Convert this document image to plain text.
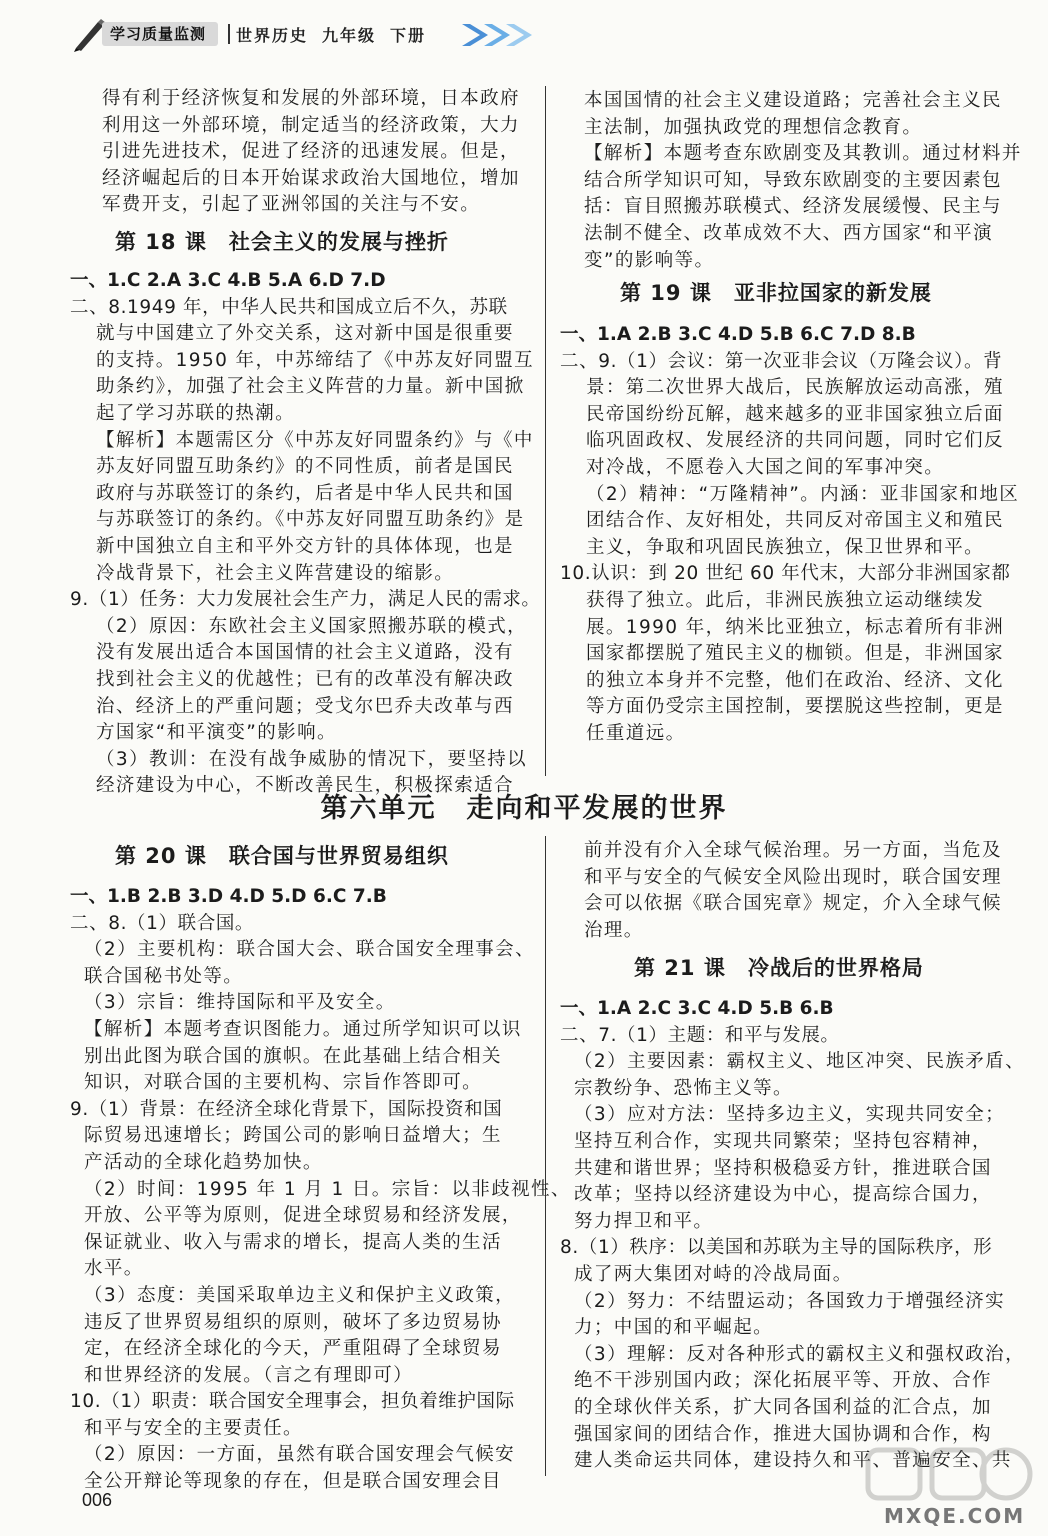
学习质量监测	世界历史 九年级 下册

得有利于经济恢复和发展的外部环境，日本政府

利用这一外部环境，制定适当的经济政策，大力

引进先进技术，促进了经济的迅速发展。但是，

经济崛起后的日本开始谋求政治大国地位，增加

军费开支，引起了亚洲邻国的关注与不安。

第 18 课 社会主义的发展与挫折

一、1.C 2.A 3.C 4.B 5.A 6.D 7.D

二、8.1949 年，中华人民共和国成立后不久，苏联

就与中国建立了外交关系，这对新中国是很重要

的支持。1950 年，中苏缔结了《中苏友好同盟互

助条约》，加强了社会主义阵营的力量。新中国掀

起了学习苏联的热潮。

【解析】本题需区分《中苏友好同盟条约》与《中

苏友好同盟互助条约》的不同性质，前者是国民

政府与苏联签订的条约，后者是中华人民共和国

与苏联签订的条约。《中苏友好同盟互助条约》是

新中国独立自主和平外交方针的具体体现，也是

冷战背景下，社会主义阵营建设的缩影。

9.（1）任务：大力发展社会生产力，满足人民的需求。

（2）原因：东欧社会主义国家照搬苏联的模式，

没有发展出适合本国国情的社会主义道路，没有

找到社会主义的优越性；已有的改革没有解决政

治、经济上的严重问题；受戈尔巴乔夫改革与西

方国家“和平演变”的影响。

（3）教训：在没有战争威胁的情况下，要坚持以

经济建设为中心，不断改善民生，积极探索适合

本国国情的社会主义建设道路；完善社会主义民

主法制，加强执政党的理想信念教育。

【解析】本题考查东欧剧变及其教训。通过材料并

结合所学知识可知，导致东欧剧变的主要因素包

括：盲目照搬苏联模式、经济发展缓慢、民主与

法制不健全、改革成效不大、西方国家“和平演

变”的影响等。

第 19 课 亚非拉国家的新发展

一、1.A 2.B 3.C 4.D 5.B 6.C 7.D 8.B

二、9.（1）会议：第一次亚非会议（万隆会议）。背

景：第二次世界大战后，民族解放运动高涨，殖

民帝国纷纷瓦解，越来越多的亚非国家独立后面

临巩固政权、发展经济的共同问题，同时它们反

对冷战，不愿卷入大国之间的军事冲突。

（2）精神：“万隆精神”。内涵：亚非国家和地区

团结合作、友好相处，共同反对帝国主义和殖民

主义，争取和巩固民族独立，保卫世界和平。

10.认识：到 20 世纪 60 年代末，大部分非洲国家都

获得了独立。此后，非洲民族独立运动继续发

展。1990 年，纳米比亚独立，标志着所有非洲

国家都摆脱了殖民主义的枷锁。但是，非洲国家

的独立本身并不完整，他们在政治、经济、文化

等方面仍受宗主国控制，要摆脱这些控制，更是

任重道远。

第六单元 走向和平发展的世界
第 20 课 联合国与世界贸易组织

一、1.B 2.B 3.D 4.D 5.D 6.C 7.B

二、8.（1）联合国。

（2）主要机构：联合国大会、联合国安全理事会、

联合国秘书处等。

（3）宗旨：维持国际和平及安全。

【解析】本题考查识图能力。通过所学知识可以识

别出此图为联合国的旗帜。在此基础上结合相关

知识，对联合国的主要机构、宗旨作答即可。

9.（1）背景：在经济全球化背景下，国际投资和国

际贸易迅速增长；跨国公司的影响日益增大；生

产活动的全球化趋势加快。

（2）时间：1995 年 1 月 1 日。宗旨：以非歧视性、

开放、公平等为原则，促进全球贸易和经济发展，

保证就业、收入与需求的增长，提高人类的生活

水平。

（3）态度：美国采取单边主义和保护主义政策，

违反了世界贸易组织的原则，破坏了多边贸易协

定，在经济全球化的今天，严重阻碍了全球贸易

和世界经济的发展。（言之有理即可）

10.（1）职责：联合国安全理事会，担负着维护国际

和平与安全的主要责任。

（2）原因：一方面，虽然有联合国安理会气候安

全公开辩论等现象的存在，但是联合国安理会目

前并没有介入全球气候治理。另一方面，当危及

和平与安全的气候安全风险出现时，联合国安理

会可以依据《联合国宪章》规定，介入全球气候

治理。

第 21 课 冷战后的世界格局

一、1.A 2.C 3.C 4.D 5.B 6.B

二、7.（1）主题：和平与发展。

（2）主要因素：霸权主义、地区冲突、民族矛盾、

宗教纷争、恐怖主义等。

（3）应对方法：坚持多边主义，实现共同安全；

坚持互利合作，实现共同繁荣；坚持包容精神，

共建和谐世界；坚持积极稳妥方针，推进联合国

改革；坚持以经济建设为中心，提高综合国力，

努力捍卫和平。

8.（1）秩序：以美国和苏联为主导的国际秩序，形

成了两大集团对峙的冷战局面。

（2）努力：不结盟运动；各国致力于增强经济实

力；中国的和平崛起。

（3）理解：反对各种形式的霸权主义和强权政治，

绝不干涉别国内政；深化拓展平等、开放、合作

的全球伙伴关系，扩大同各国利益的汇合点，加

强国家间的团结合作，推进大国协调和合作，构

建人类命运共同体，建设持久和平、普遍安全、共

006
MXQE.COM
